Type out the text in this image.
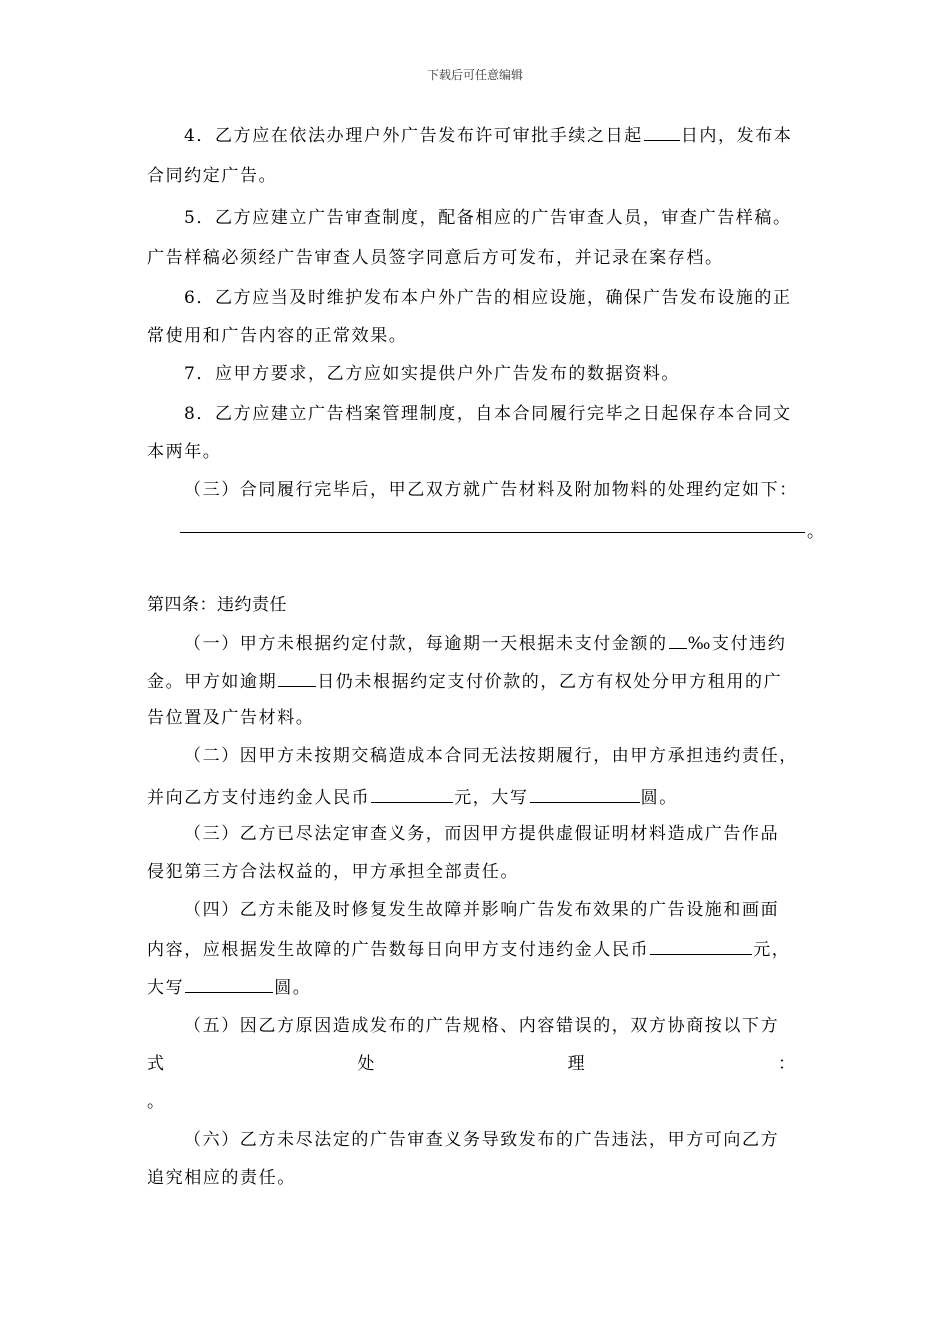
下载后可任意编辑
4．乙方应在依法办理户外广告发布许可审批手续之日起 日内，发布本
合同约定广告。
5．乙方应建立广告审查制度，配备相应的广告审查人员，审查广告样稿。
广告样稿必须经广告审查人员签字同意后方可发布，并记录在案存档。
6．乙方应当及时维护发布本户外广告的相应设施，确保广告发布设施的正
常使用和广告内容的正常效果。
7．应甲方要求，乙方应如实提供户外广告发布的数据资料。
8．乙方应建立广告档案管理制度，自本合同履行完毕之日起保存本合同文
本两年。
（三）合同履行完毕后，甲乙双方就广告材料及附加物料的处理约定如下：
。
第四条：违约责任
（一）甲方未根据约定付款，每逾期一天根据未支付金额的 ‰支付违约
金。甲方如逾期 日仍未根据约定支付价款的，乙方有权处分甲方租用的广
告位置及广告材料。
（二）因甲方未按期交稿造成本合同无法按期履行，由甲方承担违约责任，
并向乙方支付违约金人民币	元，大写	圆。
（三）乙方已尽法定审查义务，而因甲方提供虚假证明材料造成广告作品
侵犯第三方合法权益的，甲方承担全部责任。
（四）乙方未能及时修复发生故障并影响广告发布效果的广告设施和画面
内容，应根据发生故障的广告数每日向甲方支付违约金人民币	元，
大写	圆。
（五）因乙方原因造成发布的广告规格、内容错误的，双方协商按以下方
式	处	理	：
。
（六）乙方未尽法定的广告审查义务导致发布的广告违法，甲方可向乙方
追究相应的责任。
